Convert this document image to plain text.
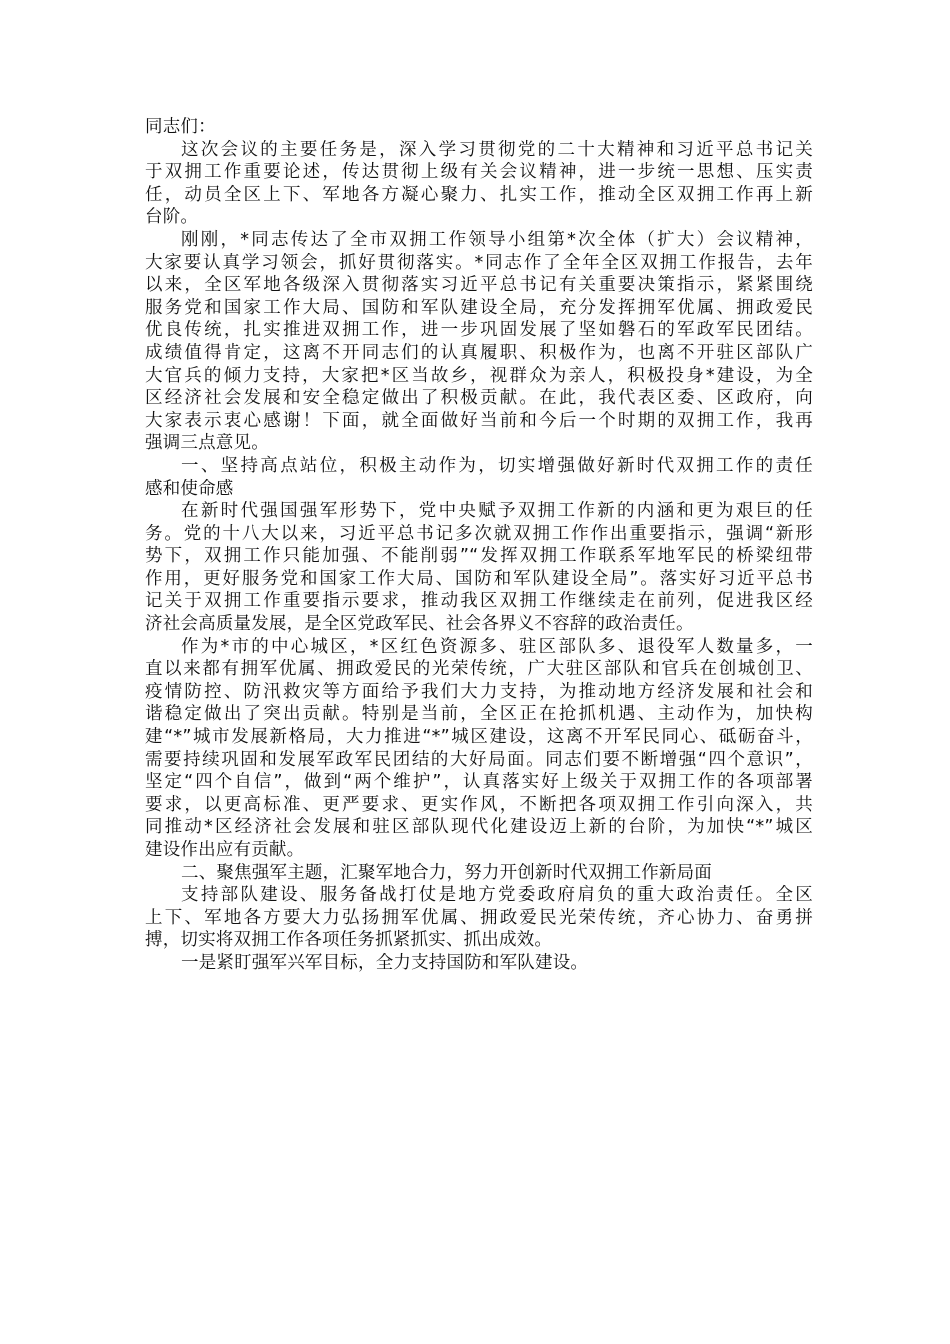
同志们：
这次会议的主要任务是，深入学习贯彻党的二十大精神和习近平总书记关
于双拥工作重要论述，传达贯彻上级有关会议精神，进一步统一思想、压实责
任，动员全区上下、军地各方凝心聚力、扎实工作，推动全区双拥工作再上新
台阶。
刚刚，*同志传达了全市双拥工作领导小组第*次全体（扩大）会议精神，
大家要认真学习领会，抓好贯彻落实。*同志作了全年全区双拥工作报告，去年
以来，全区军地各级深入贯彻落实习近平总书记有关重要决策指示，紧紧围绕
服务党和国家工作大局、国防和军队建设全局，充分发挥拥军优属、拥政爱民
优良传统，扎实推进双拥工作，进一步巩固发展了坚如磐石的军政军民团结。
成绩值得肯定，这离不开同志们的认真履职、积极作为，也离不开驻区部队广
大官兵的倾力支持，大家把*区当故乡，视群众为亲人，积极投身*建设，为全
区经济社会发展和安全稳定做出了积极贡献。在此，我代表区委、区政府，向
大家表示衷心感谢！下面，就全面做好当前和今后一个时期的双拥工作，我再
强调三点意见。
一、坚持高点站位，积极主动作为，切实增强做好新时代双拥工作的责任
感和使命感
在新时代强国强军形势下，党中央赋予双拥工作新的内涵和更为艰巨的任
务。党的十八大以来，习近平总书记多次就双拥工作作出重要指示，强调“新形
势下，双拥工作只能加强、不能削弱”“发挥双拥工作联系军地军民的桥梁纽带
作用，更好服务党和国家工作大局、国防和军队建设全局”。落实好习近平总书
记关于双拥工作重要指示要求，推动我区双拥工作继续走在前列，促进我区经
济社会高质量发展，是全区党政军民、社会各界义不容辞的政治责任。
作为*市的中心城区，*区红色资源多、驻区部队多、退役军人数量多，一
直以来都有拥军优属、拥政爱民的光荣传统，广大驻区部队和官兵在创城创卫、
疫情防控、防汛救灾等方面给予我们大力支持，为推动地方经济发展和社会和
谐稳定做出了突出贡献。特别是当前，全区正在抢抓机遇、主动作为，加快构
建“*”城市发展新格局，大力推进“*”城区建设，这离不开军民同心、砥砺奋斗，
需要持续巩固和发展军政军民团结的大好局面。同志们要不断增强“四个意识”，
坚定“四个自信”，做到“两个维护”，认真落实好上级关于双拥工作的各项部署
要求，以更高标准、更严要求、更实作风，不断把各项双拥工作引向深入，共
同推动*区经济社会发展和驻区部队现代化建设迈上新的台阶，为加快“*”城区
建设作出应有贡献。
二、聚焦强军主题，汇聚军地合力，努力开创新时代双拥工作新局面
支持部队建设、服务备战打仗是地方党委政府肩负的重大政治责任。全区
上下、军地各方要大力弘扬拥军优属、拥政爱民光荣传统，齐心协力、奋勇拼
搏，切实将双拥工作各项任务抓紧抓实、抓出成效。
一是紧盯强军兴军目标，全力支持国防和军队建设。
